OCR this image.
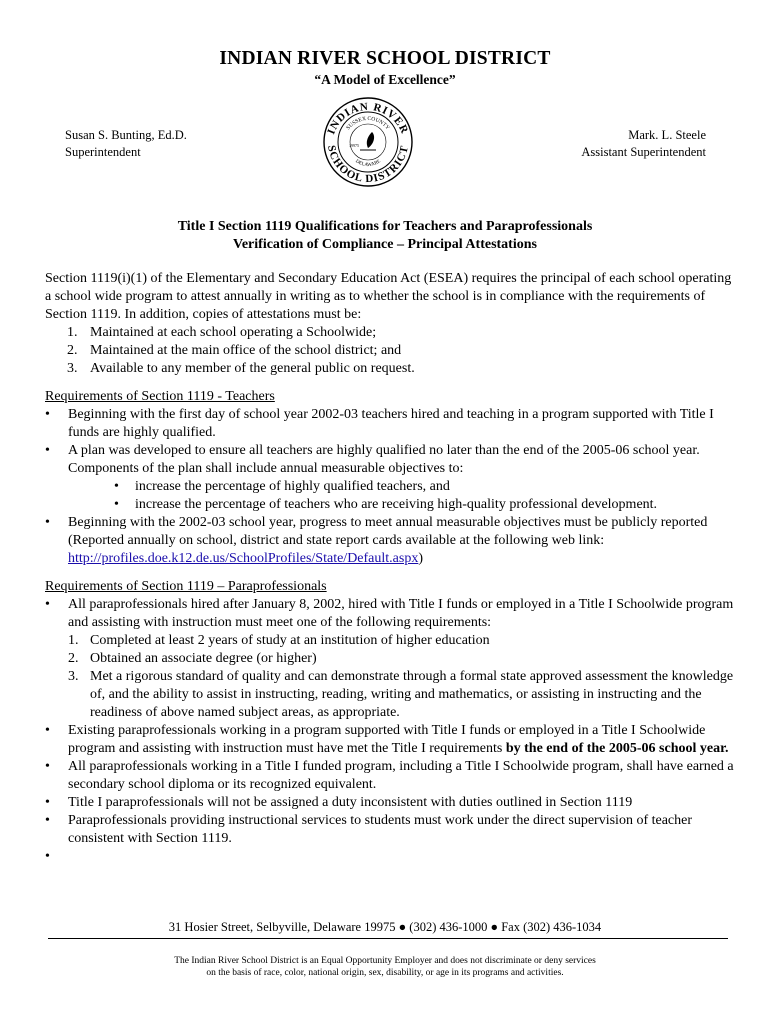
INDIAN RIVER SCHOOL DISTRICT
“A Model of Excellence”
Susan S. Bunting, Ed.D.
Superintendent
INDIAN RIVER
SUSSEX COUNTY
SCHOOL DISTRICT
DELAWARE
19975
Mark. L. Steele
Assistant Superintendent
Title I Section 1119 Qualifications for Teachers and Paraprofessionals
Verification of Compliance – Principal Attestations

Section 1119(i)(1) of the Elementary and Secondary Education Act (ESEA) requires the principal of each school operating a school wide program to attest annually in writing as to whether the school is in compliance with the requirements of Section 1119. In addition, copies of attestations must be:

1. Maintained at each school operating a Schoolwide;
2. Maintained at the main office of the school district; and
3. Available to any member of the general public on request.

Requirements of Section 1119 - Teachers

• Beginning with the first day of school year 2002-03 teachers hired and teaching in a program supported with Title I funds are highly qualified.
• A plan was developed to ensure all teachers are highly qualified no later than the end of the 2005-06 school year. Components of the plan shall include annual measurable objectives to:
• increase the percentage of highly qualified teachers, and
• increase the percentage of teachers who are receiving high-quality professional development.
• Beginning with the 2002-03 school year, progress to meet annual measurable objectives must be publicly reported (Reported annually on school, district and state report cards available at the following web link: http://profiles.doe.k12.de.us/SchoolProfiles/State/Default.aspx)

Requirements of Section 1119 – Paraprofessionals

• All paraprofessionals hired after January 8, 2002, hired with Title I funds or employed in a Title I Schoolwide program and assisting with instruction must meet one of the following requirements:
1. Completed at least 2 years of study at an institution of higher education
2. Obtained an associate degree (or higher)
3. Met a rigorous standard of quality and can demonstrate through a formal state approved assessment the knowledge of, and the ability to assist in instructing, reading, writing and mathematics, or assisting in instructing and the readiness of above named subject areas, as appropriate.
• Existing paraprofessionals working in a program supported with Title I funds or employed in a Title I Schoolwide program and assisting with instruction must have met the Title I requirements by the end of the 2005-06 school year.
• All paraprofessionals working in a Title I funded program, including a Title I Schoolwide program, shall have earned a secondary school diploma or its recognized equivalent.
• Title I paraprofessionals will not be assigned a duty inconsistent with duties outlined in Section 1119
• Paraprofessionals providing instructional services to students must work under the direct supervision of teacher consistent with Section 1119.
•

31 Hosier Street, Selbyville, Delaware 19975 ● (302) 436-1000 ● Fax (302) 436-1034
The Indian River School District is an Equal Opportunity Employer and does not discriminate or deny services
on the basis of race, color, national origin, sex, disability, or age in its programs and activities.
